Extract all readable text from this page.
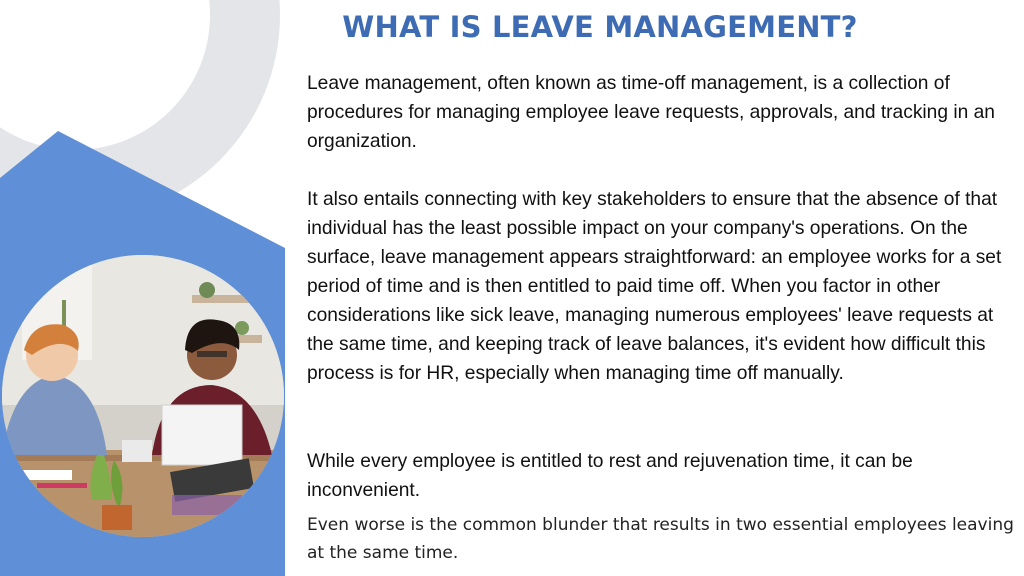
WHAT IS LEAVE MANAGEMENT?

Leave management, often known as time-off management, is a collection of procedures for managing employee leave requests, approvals, and tracking in an organization.

It also entails connecting with key stakeholders to ensure that the absence of that individual has the least possible impact on your company's operations. On the surface, leave management appears straightforward: an employee works for a set period of time and is then entitled to paid time off. When you factor in other considerations like sick leave, managing numerous employees' leave requests at the same time, and keeping track of leave balances, it's evident how difficult this process is for HR, especially when managing time off manually.

While every employee is entitled to rest and rejuvenation time, it can be inconvenient.

Even worse is the common blunder that results in two essential employees leaving at the same time.
